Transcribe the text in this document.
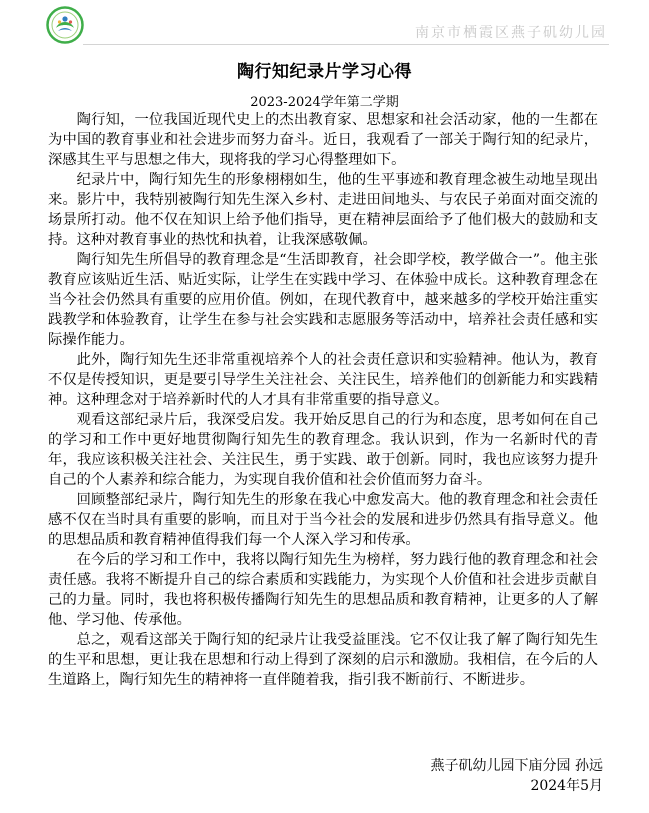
南京市栖霞区燕子矶幼儿园
陶行知纪录片学习心得
2023-2024学年第二学期

陶行知，一位我国近现代史上的杰出教育家、思想家和社会活动家，他的一生都在为中国的教育事业和社会进步而努力奋斗。近日，我观看了一部关于陶行知的纪录片，深感其生平与思想之伟大，现将我的学习心得整理如下。

纪录片中，陶行知先生的形象栩栩如生，他的生平事迹和教育理念被生动地呈现出来。影片中，我特别被陶行知先生深入乡村、走进田间地头、与农民子弟面对面交流的场景所打动。他不仅在知识上给予他们指导，更在精神层面给予了他们极大的鼓励和支持。这种对教育事业的热忱和执着，让我深感敬佩。

陶行知先生所倡导的教育理念是“生活即教育，社会即学校，教学做合一”。他主张教育应该贴近生活、贴近实际，让学生在实践中学习、在体验中成长。这种教育理念在当今社会仍然具有重要的应用价值。例如，在现代教育中，越来越多的学校开始注重实践教学和体验教育，让学生在参与社会实践和志愿服务等活动中，培养社会责任感和实际操作能力。

此外，陶行知先生还非常重视培养个人的社会责任意识和实验精神。他认为，教育不仅是传授知识，更是要引导学生关注社会、关注民生，培养他们的创新能力和实践精神。这种理念对于培养新时代的人才具有非常重要的指导意义。

观看这部纪录片后，我深受启发。我开始反思自己的行为和态度，思考如何在自己的学习和工作中更好地贯彻陶行知先生的教育理念。我认识到，作为一名新时代的青年，我应该积极关注社会、关注民生，勇于实践、敢于创新。同时，我也应该努力提升自己的个人素养和综合能力，为实现自我价值和社会价值而努力奋斗。

回顾整部纪录片，陶行知先生的形象在我心中愈发高大。他的教育理念和社会责任感不仅在当时具有重要的影响，而且对于当今社会的发展和进步仍然具有指导意义。他的思想品质和教育精神值得我们每一个人深入学习和传承。

在今后的学习和工作中，我将以陶行知先生为榜样，努力践行他的教育理念和社会责任感。我将不断提升自己的综合素质和实践能力，为实现个人价值和社会进步贡献自己的力量。同时，我也将积极传播陶行知先生的思想品质和教育精神，让更多的人了解他、学习他、传承他。

总之，观看这部关于陶行知的纪录片让我受益匪浅。它不仅让我了解了陶行知先生的生平和思想，更让我在思想和行动上得到了深刻的启示和激励。我相信，在今后的人生道路上，陶行知先生的精神将一直伴随着我，指引我不断前行、不断进步。

燕子矶幼儿园下庙分园 孙远
2024年5月
